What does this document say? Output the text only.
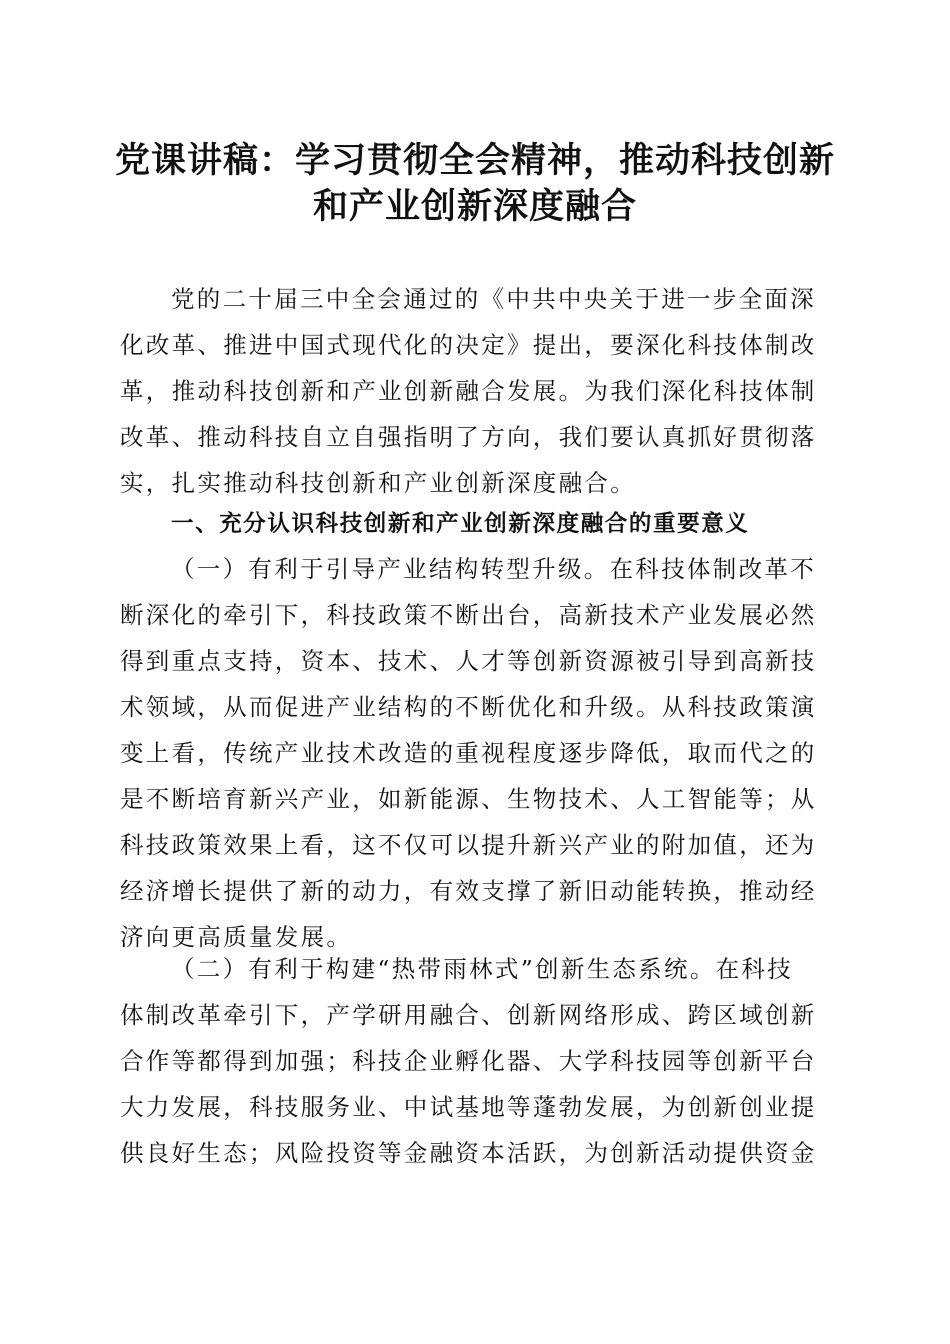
党课讲稿：学习贯彻全会精神，推动科技创新
和产业创新深度融合
党的二十届三中全会通过的《中共中央关于进一步全面深
化改革、推进中国式现代化的决定》提出，要深化科技体制改
革，推动科技创新和产业创新融合发展。为我们深化科技体制
改革、推动科技自立自强指明了方向，我们要认真抓好贯彻落
实，扎实推动科技创新和产业创新深度融合。
一、充分认识科技创新和产业创新深度融合的重要意义
（一）有利于引导产业结构转型升级。在科技体制改革不
断深化的牵引下，科技政策不断出台，高新技术产业发展必然
得到重点支持，资本、技术、人才等创新资源被引导到高新技
术领域，从而促进产业结构的不断优化和升级。从科技政策演
变上看，传统产业技术改造的重视程度逐步降低，取而代之的
是不断培育新兴产业，如新能源、生物技术、人工智能等；从
科技政策效果上看，这不仅可以提升新兴产业的附加值，还为
经济增长提供了新的动力，有效支撑了新旧动能转换，推动经
济向更高质量发展。
（二）有利于构建“热带雨林式”创新生态系统。在科技
体制改革牵引下，产学研用融合、创新网络形成、跨区域创新
合作等都得到加强；科技企业孵化器、大学科技园等创新平台
大力发展，科技服务业、中试基地等蓬勃发展，为创新创业提
供良好生态；风险投资等金融资本活跃，为创新活动提供资金
